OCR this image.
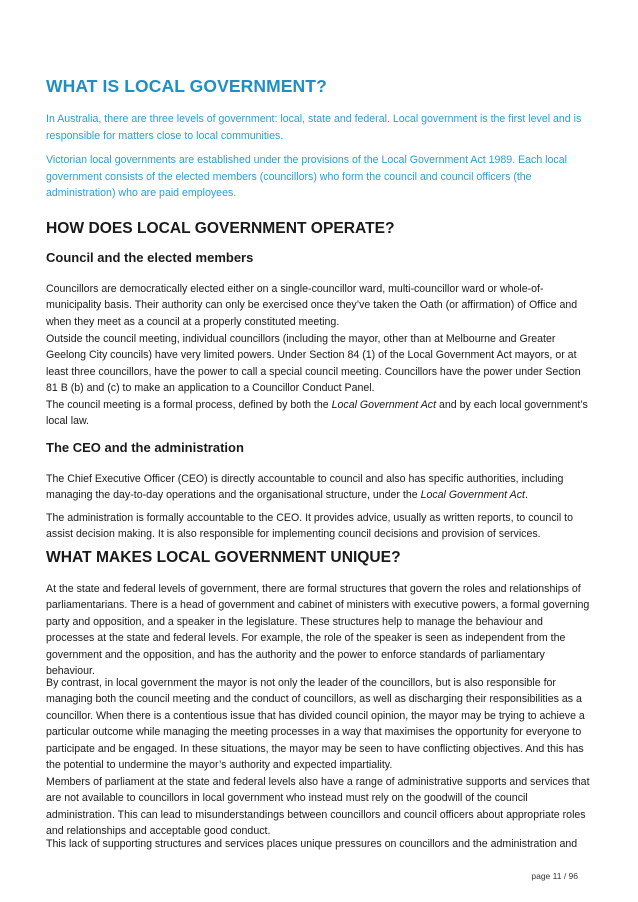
WHAT IS LOCAL GOVERNMENT?

In Australia, there are three levels of government: local, state and federal. Local government is the first level and is responsible for matters close to local communities.

Victorian local governments are established under the provisions of the Local Government Act 1989. Each local government consists of the elected members (councillors) who form the council and council officers (the administration) who are paid employees.

HOW DOES LOCAL GOVERNMENT OPERATE?
Council and the elected members

Councillors are democratically elected either on a single-councillor ward, multi-councillor ward or whole-of-municipality basis. Their authority can only be exercised once they’ve taken the Oath (or affirmation) of Office and when they meet as a council at a properly constituted meeting.

Outside the council meeting, individual councillors (including the mayor, other than at Melbourne and Greater Geelong City councils) have very limited powers. Under Section 84 (1) of the Local Government Act mayors, or at least three councillors, have the power to call a special council meeting. Councillors have the power under Section 81 B (b) and (c) to make an application to a Councillor Conduct Panel.

The council meeting is a formal process, defined by both the Local Government Act and by each local government’s local law.

The CEO and the administration

The Chief Executive Officer (CEO) is directly accountable to council and also has specific authorities, including managing the day-to-day operations and the organisational structure, under the Local Government Act.

The administration is formally accountable to the CEO. It provides advice, usually as written reports, to council to assist decision making. It is also responsible for implementing council decisions and provision of services.

WHAT MAKES LOCAL GOVERNMENT UNIQUE?

At the state and federal levels of government, there are formal structures that govern the roles and relationships of parliamentarians. There is a head of government and cabinet of ministers with executive powers, a formal governing party and opposition, and a speaker in the legislature. These structures help to manage the behaviour and processes at the state and federal levels. For example, the role of the speaker is seen as independent from the government and the opposition, and has the authority and the power to enforce standards of parliamentary behaviour.

By contrast, in local government the mayor is not only the leader of the councillors, but is also responsible for managing both the council meeting and the conduct of councillors, as well as discharging their responsibilities as a councillor. When there is a contentious issue that has divided council opinion, the mayor may be trying to achieve a particular outcome while managing the meeting processes in a way that maximises the opportunity for everyone to participate and be engaged. In these situations, the mayor may be seen to have conflicting objectives. And this has the potential to undermine the mayor’s authority and expected impartiality.

Members of parliament at the state and federal levels also have a range of administrative supports and services that are not available to councillors in local government who instead must rely on the goodwill of the council administration. This can lead to misunderstandings between councillors and council officers about appropriate roles and relationships and acceptable good conduct.

This lack of supporting structures and services places unique pressures on councillors and the administration and

page 11 / 96
